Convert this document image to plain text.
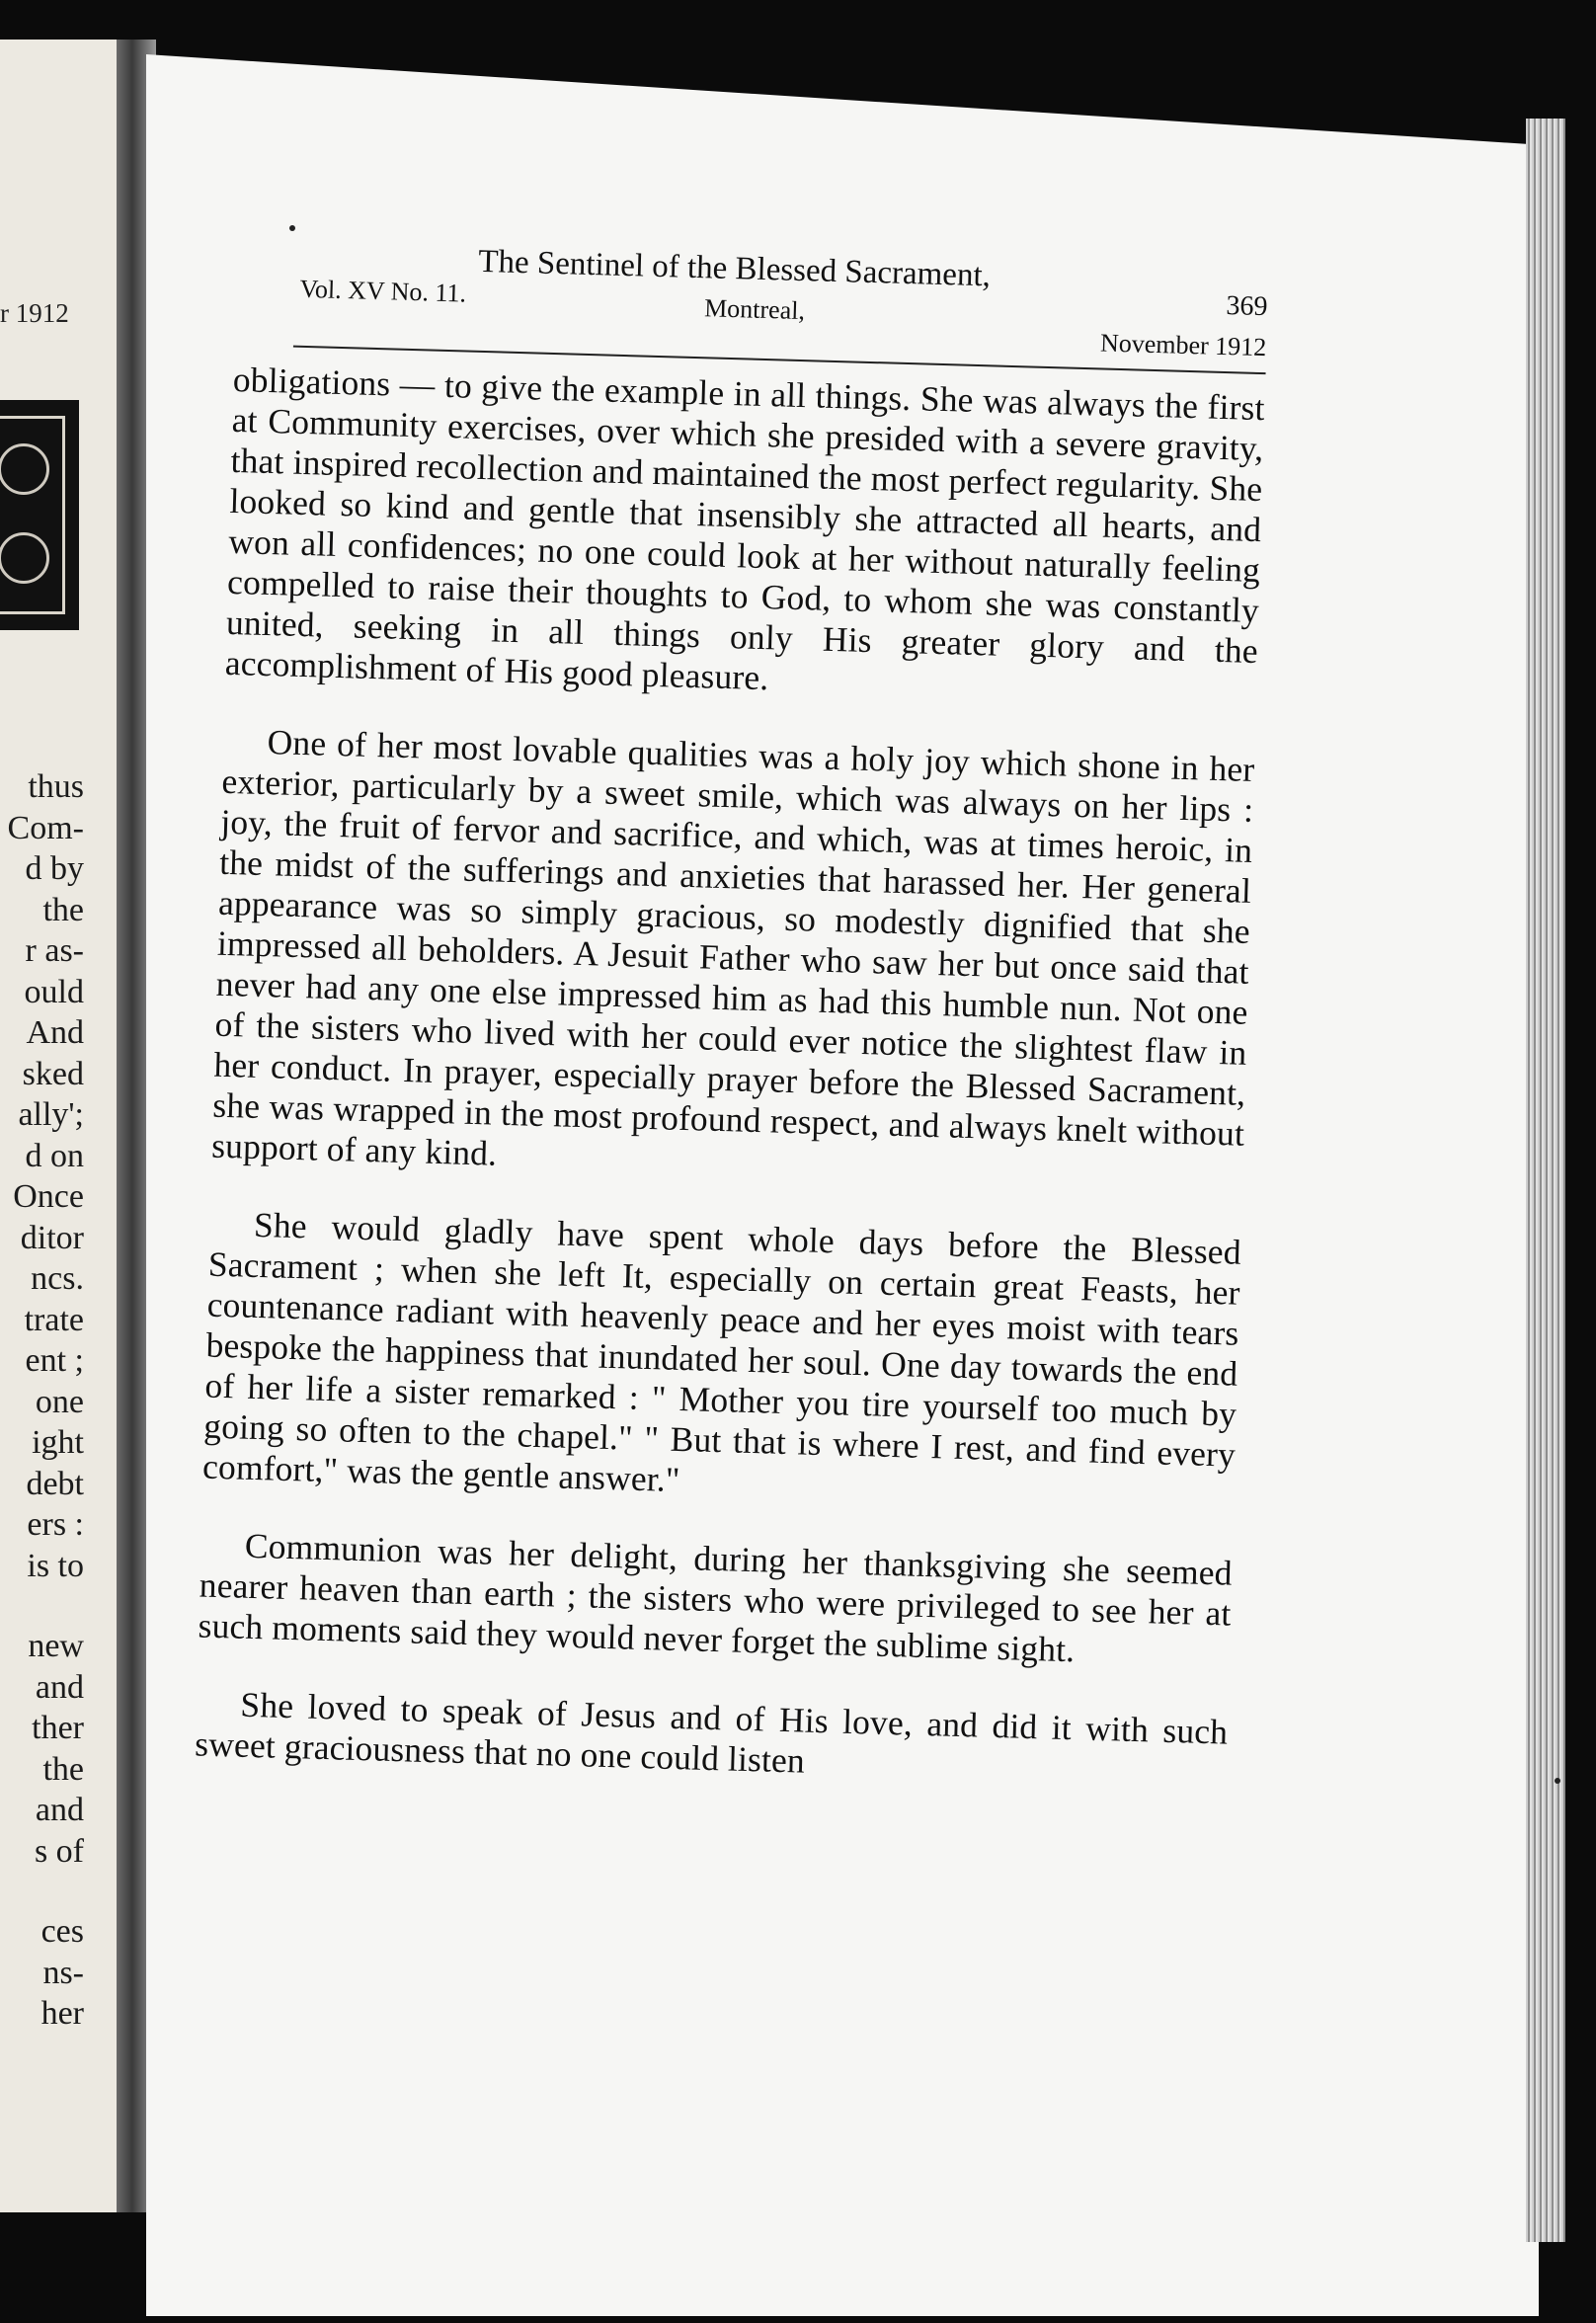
r 1912
thus
Com-
d by
the
r as-
ould
And
sked
ally';
d on
Once
ditor
ncs.
trate
ent ;
one
ight
debt
ers :
is to
new
and
ther
the
and
s of
ces
ns-
her
The Sentinel of the Blessed Sacrament,
Vol. XV No. 11.
Montreal,	369
November 1912

obligations — to give the example in all things. She was always the first at Community exercises, over which she presided with a severe gravity, that inspired recollection and maintained the most perfect regularity. She looked so kind and gentle that insensibly she attracted all hearts, and won all confidences; no one could look at her without naturally feeling compelled to raise their thoughts to God, to whom she was constantly united, seeking in all things only His greater glory and the accomplishment of His good pleasure.

One of her most lovable qualities was a holy joy which shone in her exterior, particularly by a sweet smile, which was always on her lips : joy, the fruit of fervor and sacrifice, and which, was at times heroic, in the midst of the sufferings and anxieties that harassed her. Her general appearance was so simply gracious, so modestly dignified that she impressed all beholders. A Jesuit Father who saw her but once said that never had any one else impressed him as had this humble nun. Not one of the sisters who lived with her could ever notice the slightest flaw in her conduct. In prayer, especially prayer before the Blessed Sacrament, she was wrapped in the most profound respect, and always knelt without support of any kind.

She would gladly have spent whole days before the Blessed Sacrament ; when she left It, especially on certain great Feasts, her countenance radiant with heavenly peace and her eyes moist with tears bespoke the happiness that inundated her soul. One day towards the end of her life a sister remarked : " Mother you tire yourself too much by going so often to the chapel." " But that is where I rest, and find every comfort," was the gentle answer."

Communion was her delight, during her thanksgiving she seemed nearer heaven than earth ; the sisters who were privileged to see her at such moments said they would never forget the sublime sight.

She loved to speak of Jesus and of His love, and did it with such sweet graciousness that no one could listen
